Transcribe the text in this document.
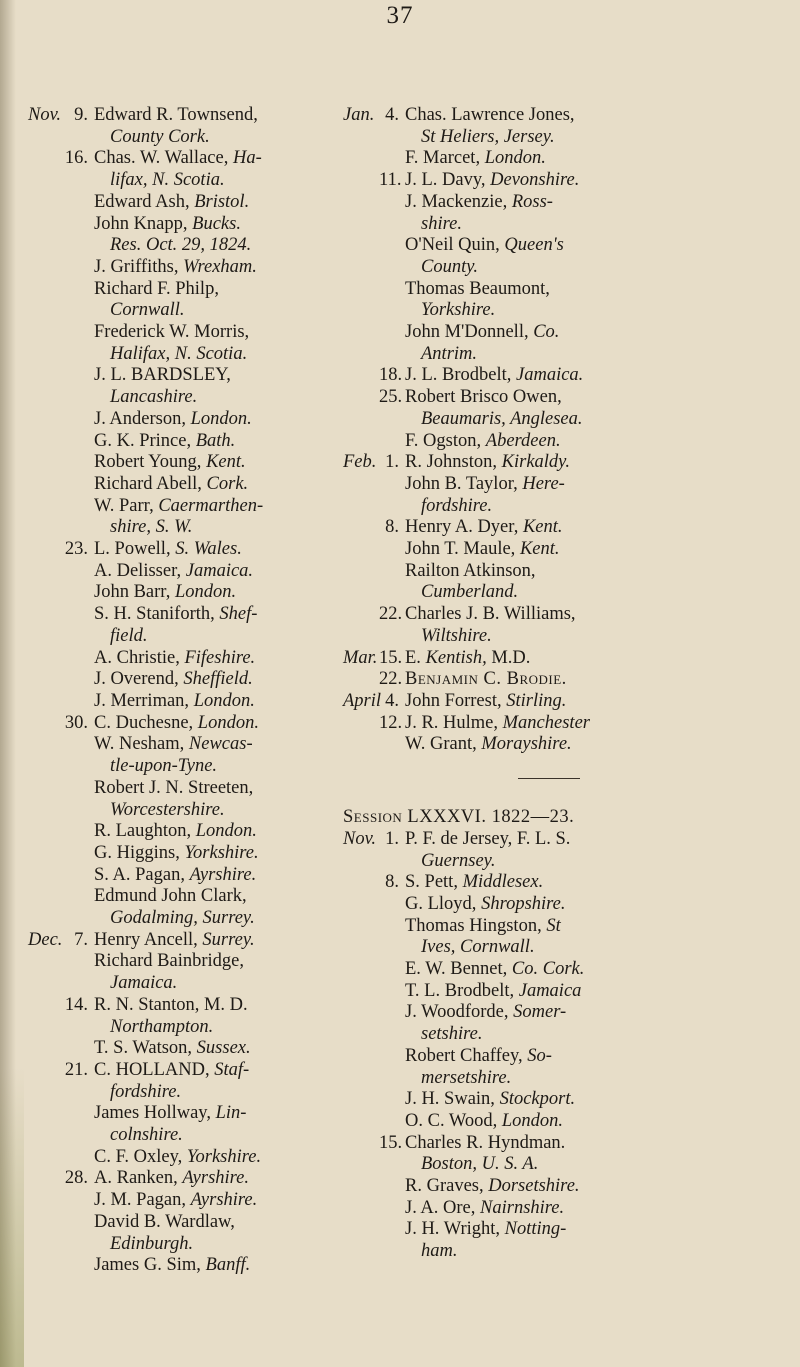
37
Nov. 9. Edward R. Townsend,
County Cork.
16. Chas. W. Wallace, Ha-
lifax, N. Scotia.
Edward Ash, Bristol.
John Knapp, Bucks.
Res. Oct. 29, 1824.
J. Griffiths, Wrexham.
Richard F. Philp,
Cornwall.
Frederick W. Morris,
Halifax, N. Scotia.
J. L. BARDSLEY,
Lancashire.
J. Anderson, London.
G. K. Prince, Bath.
Robert Young, Kent.
Richard Abell, Cork.
W. Parr, Caermarthen-
shire, S. W.
23. L. Powell, S. Wales.
A. Delisser, Jamaica.
John Barr, London.
S. H. Staniforth, Shef-
field.
A. Christie, Fifeshire.
J. Overend, Sheffield.
J. Merriman, London.
30. C. Duchesne, London.
W. Nesham, Newcas-
tle-upon-Tyne.
Robert J. N. Streeten,
Worcestershire.
R. Laughton, London.
G. Higgins, Yorkshire.
S. A. Pagan, Ayrshire.
Edmund John Clark,
Godalming, Surrey.
Dec. 7. Henry Ancell, Surrey.
Richard Bainbridge,
Jamaica.
14. R. N. Stanton, M. D.
Northampton.
T. S. Watson, Sussex.
21. C. HOLLAND, Staf-
fordshire.
James Hollway, Lin-
colnshire.
C. F. Oxley, Yorkshire.
28. A. Ranken, Ayrshire.
J. M. Pagan, Ayrshire.
David B. Wardlaw,
Edinburgh.
James G. Sim, Banff.
Jan. 4. Chas. Lawrence Jones,
St Heliers, Jersey.
F. Marcet, London.
11. J. L. Davy, Devonshire.
J. Mackenzie, Ross-
shire.
O'Neil Quin, Queen's
County.
Thomas Beaumont,
Yorkshire.
John M'Donnell, Co.
Antrim.
18. J. L. Brodbelt, Jamaica.
25. Robert Brisco Owen,
Beaumaris, Anglesea.
F. Ogston, Aberdeen.
Feb. 1. R. Johnston, Kirkaldy.
John B. Taylor, Here-
fordshire.
8. Henry A. Dyer, Kent.
John T. Maule, Kent.
Railton Atkinson,
Cumberland.
22. Charles J. B. Williams,
Wiltshire.
Mar. 15. E. Kentish, M.D.
22. Benjamin C. Brodie.
April 4. John Forrest, Stirling.
12. J. R. Hulme, Manchester
W. Grant, Morayshire.
Session LXXXVI. 1822—23.
Nov. 1. P. F. de Jersey, F. L. S.
Guernsey.
8. S. Pett, Middlesex.
G. Lloyd, Shropshire.
Thomas Hingston, St
Ives, Cornwall.
E. W. Bennet, Co. Cork.
T. L. Brodbelt, Jamaica
J. Woodforde, Somer-
setshire.
Robert Chaffey, So-
mersetshire.
J. H. Swain, Stockport.
O. C. Wood, London.
15. Charles R. Hyndman.
Boston, U. S. A.
R. Graves, Dorsetshire.
J. A. Ore, Nairnshire.
J. H. Wright, Notting-
ham.
